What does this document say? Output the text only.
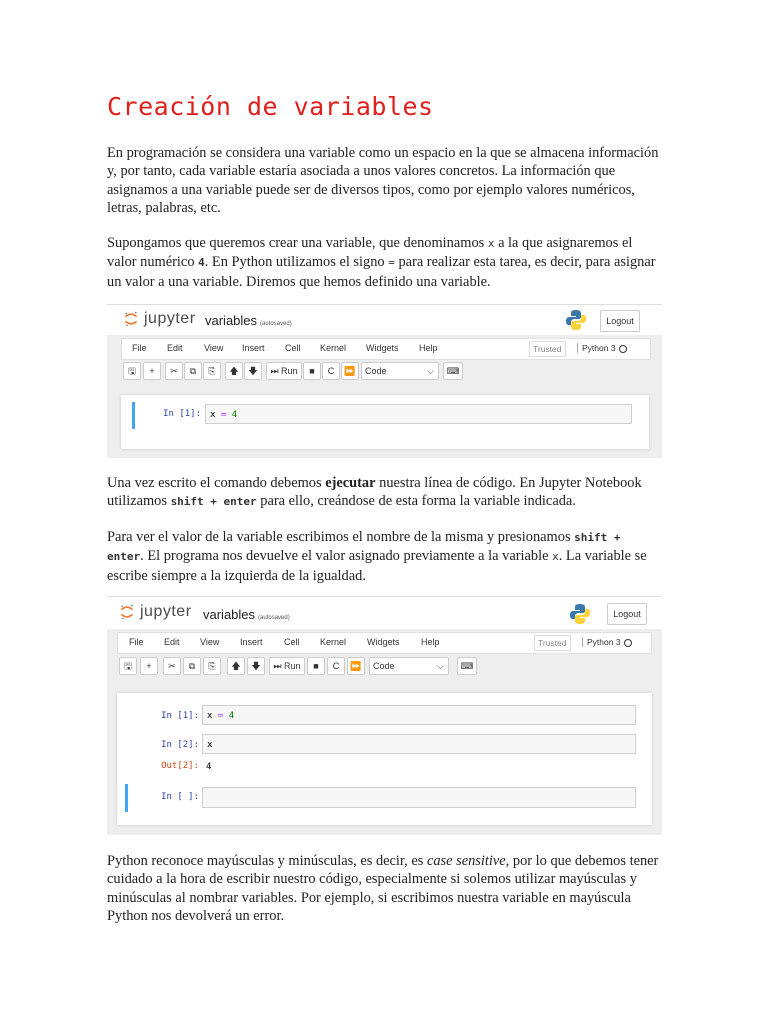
Creación de variables

En programación se considera una variable como un espacio en la que se almacena información y, por tanto, cada variable estaría asociada a unos valores concretos. La información que asignamos a una variable puede ser de diversos tipos, como por ejemplo valores numéricos, letras, palabras, etc.

Supongamos que queremos crear una variable, que denominamos x a la que asignaremos el valor numérico 4. En Python utilizamos el signo = para realizar esta tarea, es decir, para asignar un valor a una variable. Diremos que hemos definido una variable.

jupyter variables (autosaved)	Logout
File Edit View Insert Cell Kernel Widgets Help	Trusted	Python 3
🖫	+	✂	⧉	⎘	🡅	🡇	⏭ Run	■	C	⏩	Code	⌵	⌨
In [1]:	x = 4

Una vez escrito el comando debemos ejecutar nuestra línea de código. En Jupyter Notebook utilizamos shift + enter para ello, creándose de esta forma la variable indicada.

Para ver el valor de la variable escribimos el nombre de la misma y presionamos shift + enter. El programa nos devuelve el valor asignado previamente a la variable x. La variable se escribe siempre a la izquierda de la igualdad.

jupyter variables (autosaved)	Logout
File Edit View Insert Cell Kernel Widgets Help	Trusted	Python 3
🖫	+	✂	⧉	⎘	🡅	🡇	⏭ Run	■	C	⏩	Code	⌵	⌨
In [1]: x = 4
In [2]: x
Out[2]: 4
In [ ]:

Python reconoce mayúsculas y minúsculas, es decir, es case sensitive, por lo que debemos tener cuidado a la hora de escribir nuestro código, especialmente si solemos utilizar mayúsculas y minúsculas al nombrar variables. Por ejemplo, si escribimos nuestra variable en mayúscula Python nos devolverá un error.
